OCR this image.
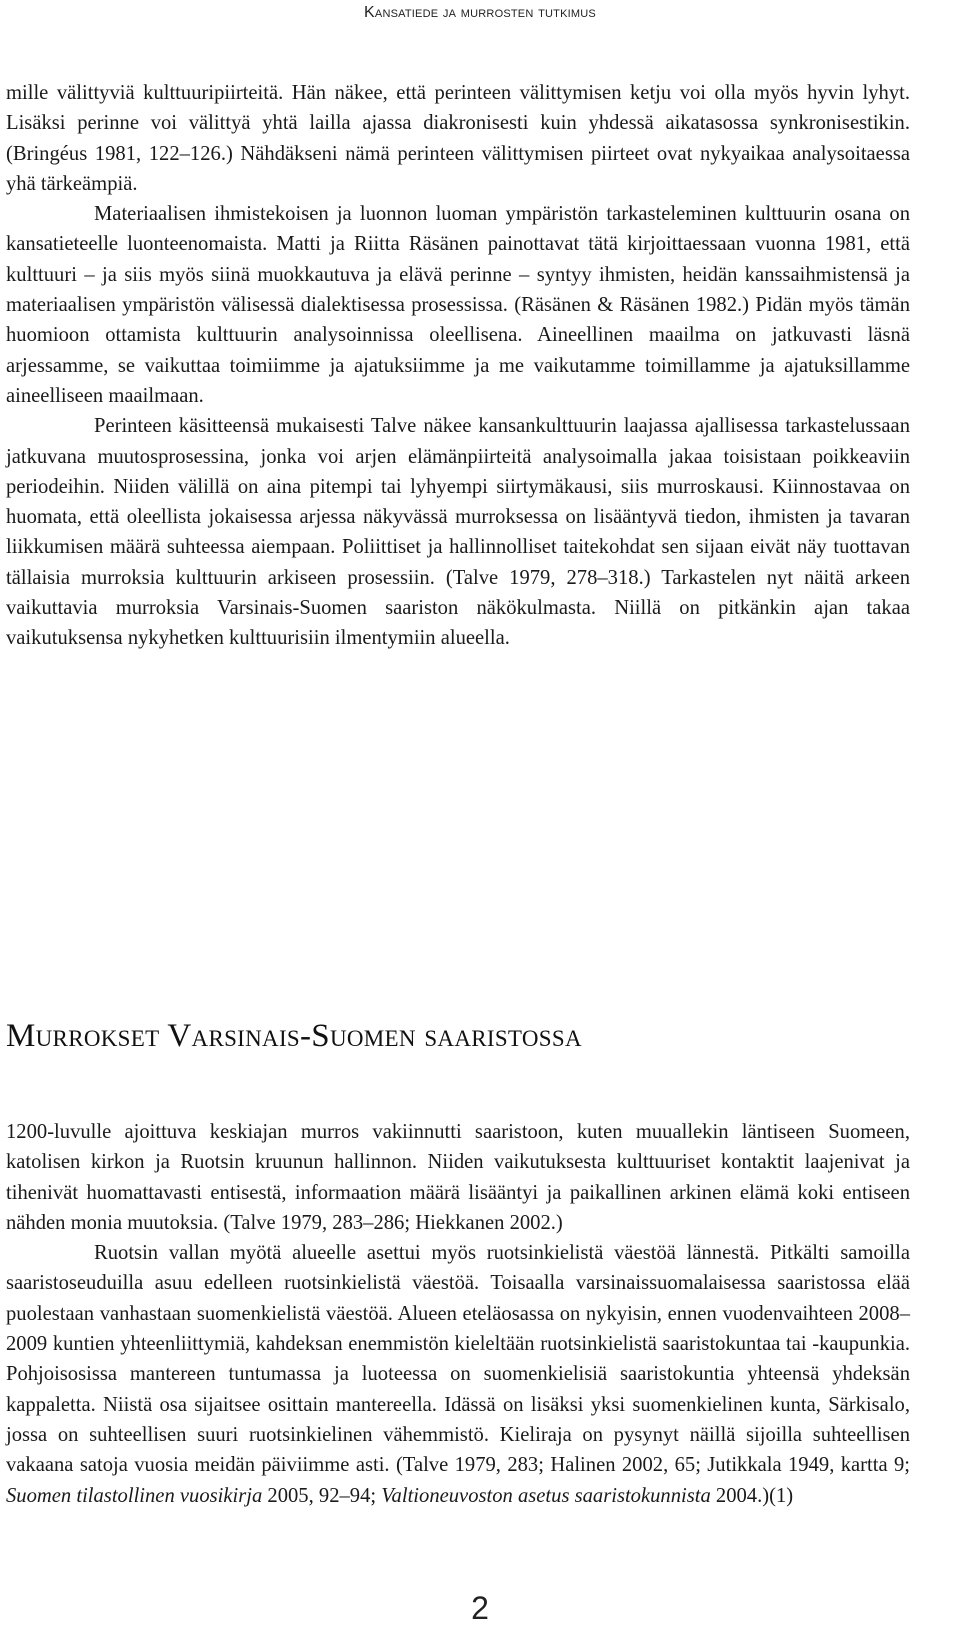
Kansatiede ja murrosten tutkimus

mille välittyviä kulttuuripiirteitä. Hän näkee, että perinteen välittymisen ketju voi olla myös hyvin lyhyt. Lisäksi perinne voi välittyä yhtä lailla ajassa diakronisesti kuin yhdessä aikatasossa synkronisestikin. (Bringéus 1981, 122–126.) Nähdäkseni nämä perinteen välittymisen piirteet ovat nykyaikaa analysoitaessa yhä tärkeämpiä.

Materiaalisen ihmistekoisen ja luonnon luoman ympäristön tarkasteleminen kulttuurin osana on kansatieteelle luonteenomaista. Matti ja Riitta Räsänen painottavat tätä kirjoittaessaan vuonna 1981, että kulttuuri – ja siis myös siinä muokkautuva ja elävä perinne – syntyy ihmisten, heidän kanssaihmistensä ja materiaalisen ympäristön välisessä dialektisessa prosessissa. (Räsänen & Räsänen 1982.) Pidän myös tämän huomioon ottamista kulttuurin analysoinnissa oleellisena. Aineellinen maailma on jatkuvasti läsnä arjessamme, se vaikuttaa toimiimme ja ajatuksiimme ja me vaikutamme toimillamme ja ajatuksillamme aineelliseen maailmaan.

Perinteen käsitteensä mukaisesti Talve näkee kansankulttuurin laajassa ajallisessa tarkastelussaan jatkuvana muutosprosessina, jonka voi arjen elämänpiirteitä analysoimalla jakaa toisistaan poikkeaviin periodeihin. Niiden välillä on aina pitempi tai lyhyempi siirtymäkausi, siis murroskausi. Kiinnostavaa on huomata, että oleellista jokaisessa arjessa näkyvässä murroksessa on lisääntyvä tiedon, ihmisten ja tavaran liikkumisen määrä suhteessa aiempaan. Poliittiset ja hallinnolliset taitekohdat sen sijaan eivät näy tuottavan tällaisia murroksia kulttuurin arkiseen prosessiin. (Talve 1979, 278–318.) Tarkastelen nyt näitä arkeen vaikuttavia murroksia Varsinais-Suomen saariston näkökulmasta. Niillä on pitkänkin ajan takaa vaikutuksensa nykyhetken kulttuurisiin ilmentymiin alueella.

Murrokset Varsinais-Suomen saaristossa

1200-luvulle ajoittuva keskiajan murros vakiinnutti saaristoon, kuten muuallekin läntiseen Suomeen, katolisen kirkon ja Ruotsin kruunun hallinnon. Niiden vaikutuksesta kulttuuriset kontaktit laajenivat ja tihenivät huomattavasti entisestä, informaation määrä lisääntyi ja paikallinen arkinen elämä koki entiseen nähden monia muutoksia. (Talve 1979, 283–286; Hiekkanen 2002.)

Ruotsin vallan myötä alueelle asettui myös ruotsinkielistä väestöä lännestä. Pitkälti samoilla saaristoseuduilla asuu edelleen ruotsinkielistä väestöä. Toisaalla varsinaissuomalaisessa saaristossa elää puolestaan vanhastaan suomenkielistä väestöä. Alueen eteläosassa on nykyisin, ennen vuodenvaihteen 2008–2009 kuntien yhteenliittymiä, kahdeksan enemmistön kieleltään ruotsinkielistä saaristokuntaa tai -kaupunkia. Pohjoisosissa mantereen tuntumassa ja luoteessa on suomenkielisiä saaristokuntia yhteensä yhdeksän kappaletta. Niistä osa sijaitsee osittain mantereella. Idässä on lisäksi yksi suomenkielinen kunta, Särkisalo, jossa on suhteellisen suuri ruotsinkielinen vähemmistö. Kieliraja on pysynyt näillä sijoilla suhteellisen vakaana satoja vuosia meidän päiviimme asti. (Talve 1979, 283; Halinen 2002, 65; Jutikkala 1949, kartta 9; Suomen tilastollinen vuosikirja 2005, 92–94; Valtioneuvoston asetus saaristokunnista 2004.)(1)

2
